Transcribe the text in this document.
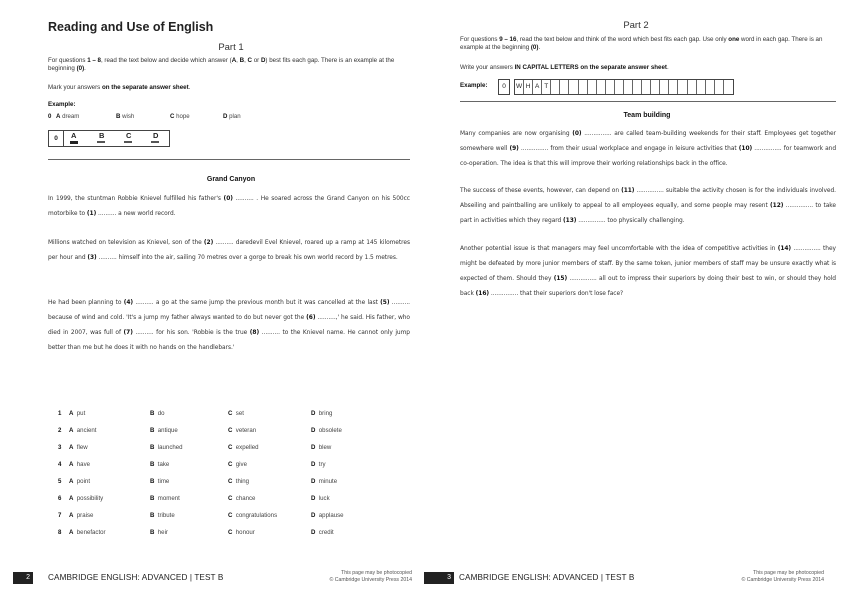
Reading and Use of English
Part 1
For questions 1 – 8, read the text below and decide which answer (A, B, C or D) best fits each gap. There is an example at the beginning (0).
Mark your answers on the separate answer sheet.
Example:
0 A dream	B wish	C hope	D plan
0	A	B	C	D
Grand Canyon
In 1999, the stuntman Robbie Knievel fulfilled his father's (0) .......... . He soared across the Grand Canyon on his 500cc motorbike to (1) .......... a new world record.
Millions watched on television as Knievel, son of the (2) .......... daredevil Evel Knievel, roared up a ramp at 145 kilometres per hour and (3) .......... himself into the air, sailing 70 metres over a gorge to break his own world record by 1.5 metres.
He had been planning to (4) .......... a go at the same jump the previous month but it was cancelled at the last (5) .......... because of wind and cold. 'It's a jump my father always wanted to do but never got the (6) ..........,' he said. His father, who died in 2007, was full of (7) .......... for his son. 'Robbie is the true (8) .......... to the Knievel name. He cannot only jump better than me but he does it with no hands on the handlebars.'
1 A  put	B  do	C  set	D  bring
2 A  ancient	B  antique	C  veteran	D  obsolete
3 A  flew	B  launched	C  expelled	D  blew
4 A  have	B  take	C  give	D  try
5 A  point	B  time	C  thing	D  minute
6 A  possibility	B  moment	C  chance	D  luck
7 A  praise	B  tribute	C  congratulations	D  applause
8 A  benefactor	B  heir	C  honour	D  credit
2	CAMBRIDGE ENGLISH: ADVANCED | TEST B	This page may be photocopied
© Cambridge University Press 2014
Part 2
For questions 9 – 16, read the text below and think of the word which best fits each gap. Use only one word in each gap. There is an example at the beginning (0).
Write your answers IN CAPITAL LETTERS on the separate answer sheet.
Example:	0	W H A T
Team building
Many companies are now organising (0) ............... are called team-building weekends for their staff. Employees get together somewhere well (9) ............... from their usual workplace and engage in leisure activities that (10) ............... for teamwork and co-operation. The idea is that this will improve their working relationships back in the office.
The success of these events, however, can depend on (11) ............... suitable the activity chosen is for the individuals involved. Abseiling and paintballing are unlikely to appeal to all employees equally, and some people may resent (12) ............... to take part in activities which they regard (13) ............... too physically challenging.
Another potential issue is that managers may feel uncomfortable with the idea of competitive activities in (14) ............... they might be defeated by more junior members of staff. By the same token, junior members of staff may be unsure exactly what is expected of them. Should they (15) ............... all out to impress their superiors by doing their best to win, or should they hold back (16) ............... that their superiors don't lose face?
3 CAMBRIDGE ENGLISH: ADVANCED | TEST B	This page may be photocopied
© Cambridge University Press 2014
